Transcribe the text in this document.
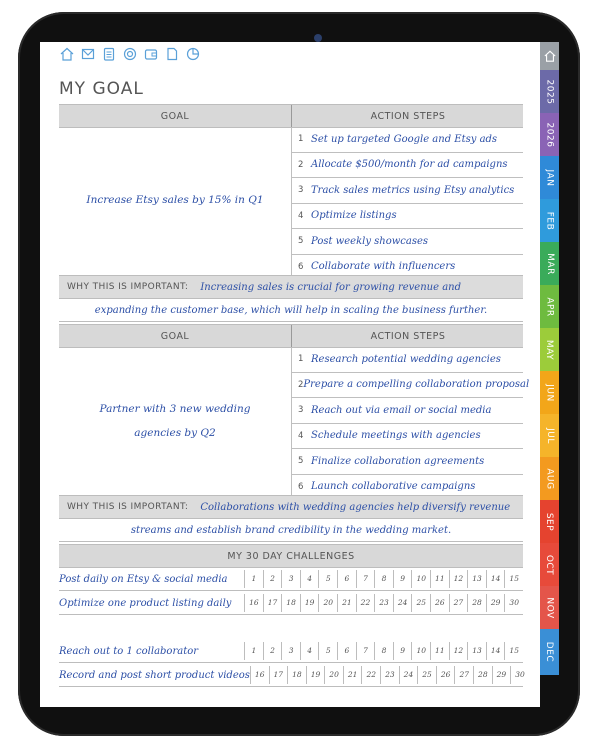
MY GOAL
GOAL	ACTION STEPS
Increase Etsy sales by 15% in Q1
1 Set up targeted Google and Etsy ads
2 Allocate $500/month for ad campaigns
3 Track sales metrics using Etsy analytics
4 Optimize listings
5 Post weekly showcases
6 Collaborate with influencers
WHY THIS IS IMPORTANT:	Increasing sales is crucial for growing revenue and
expanding the customer base, which will help in scaling the business further.
GOAL	ACTION STEPS
Partner with 3 new wedding
agencies by Q2
1 Research potential wedding agencies
2 Prepare a compelling collaboration proposal
3 Reach out via email or social media
4 Schedule meetings with agencies
5 Finalize collaboration agreements
6 Launch collaborative campaigns
WHY THIS IS IMPORTANT:	Collaborations with wedding agencies help diversify revenue
streams and establish brand credibility in the wedding market.
MY 30 DAY CHALLENGES
Post daily on Etsy & social media	1	2	3	4	5	6	7	8	9	10	11	12	13	14	15
Optimize one product listing daily	16	17	18	19	20	21	22	23	24	25	26	27	28	29	30
Reach out to 1 collaborator	1	2	3	4	5	6	7	8	9	10	11	12	13	14	15
Record and post short product videos 16	17	18	19	20	21	22	23	24	25	26	27	28	29	30
2025
2026
JAN
FEB
MAR
APR
MAY
JUN
JUL
AUG
SEP
OCT
NOV
DEC
